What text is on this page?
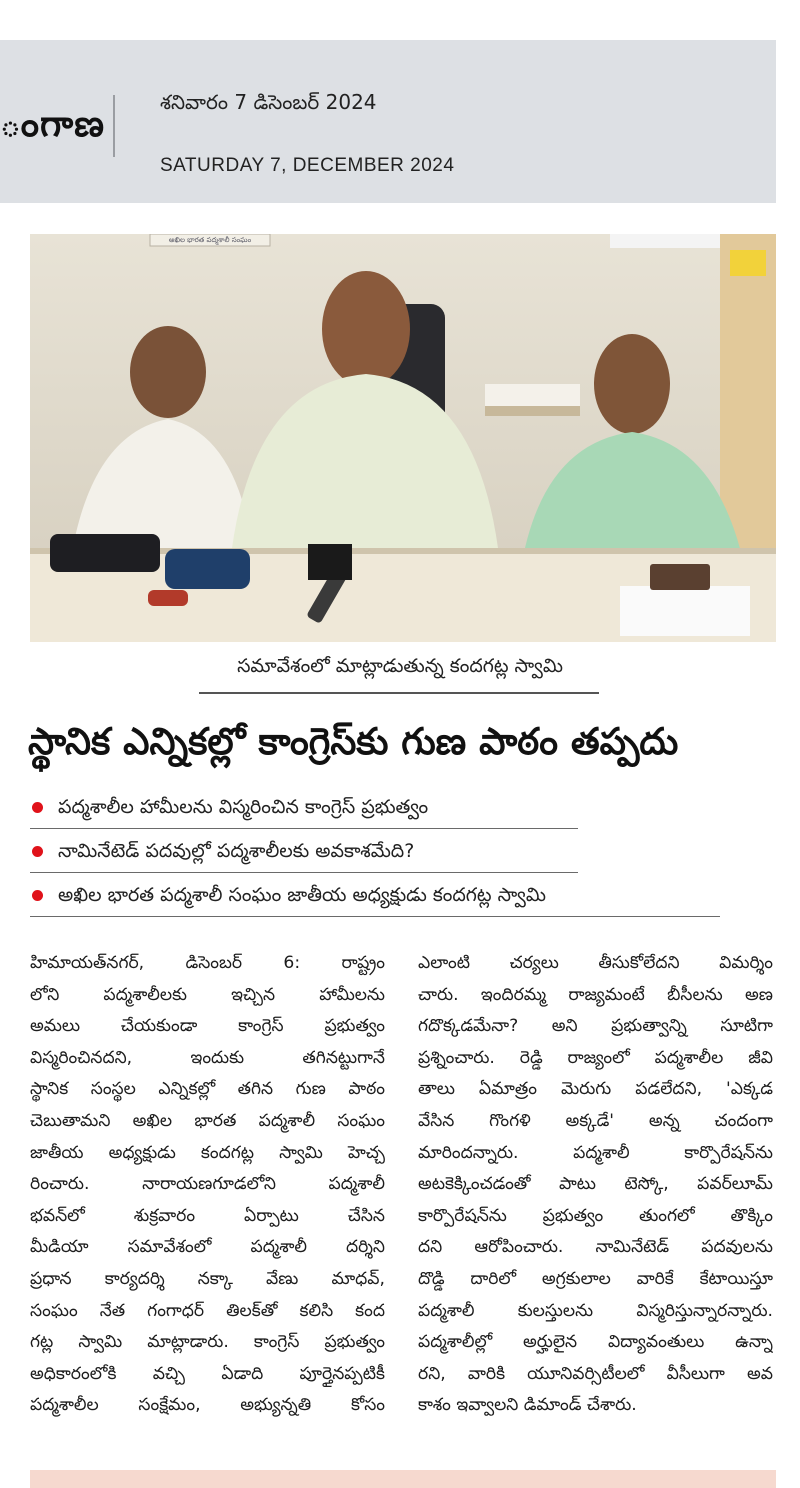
ంగాణ
శనివారం 7 డిసెంబర్ 2024
SATURDAY 7, DECEMBER 2024
అఖిల భారత పద్మశాలీ సంఘం
సమావేశంలో మాట్లాడుతున్న కందగట్ల స్వామి
స్థానిక ఎన్నికల్లో కాంగ్రెస్‌కు గుణ పాఠం తప్పదు
పద్మశాలీల హామీలను విస్మరించిన కాంగ్రెస్ ప్రభుత్వం
నామినేటెడ్ పదవుల్లో పద్మశాలీలకు అవకాశమేది?
అఖిల భారత పద్మశాలీ సంఘం జాతీయ అధ్యక్షుడు కందగట్ల స్వామి
హిమాయత్‌నగర్, డిసెంబర్ 6: రాష్ట్రం
లోని పద్మశాలీలకు ఇచ్చిన హామీలను
అమలు చేయకుండా కాంగ్రెస్ ప్రభుత్వం
విస్మరించినదని, ఇందుకు తగినట్టుగానే
స్థానిక సంస్థల ఎన్నికల్లో తగిన గుణ పాఠం
చెబుతామని అఖిల భారత పద్మశాలీ సంఘం
జాతీయ అధ్యక్షుడు కందగట్ల స్వామి హెచ్చ
రించారు. నారాయణగూడలోని పద్మశాలీ
భవన్‌లో శుక్రవారం ఏర్పాటు చేసిన
మీడియా సమావేశంలో పద్మశాలీ దర్శిని
ప్రధాన కార్యదర్శి నక్కా వేణు మాధవ్,
సంఘం నేత గంగాధర్ తిలక్‌తో కలిసి కంద
గట్ల స్వామి మాట్లాడారు. కాంగ్రెస్ ప్రభుత్వం
అధికారంలోకి వచ్చి ఏడాది పూర్తైనప్పటికీ
పద్మశాలీల సంక్షేమం, అభ్యున్నతి కోసం
ఎలాంటి చర్యలు తీసుకోలేదని విమర్శిం
చారు. ఇందిరమ్మ రాజ్యమంటే బీసీలను అణ
గదొక్కడమేనా? అని ప్రభుత్వాన్ని సూటిగా
ప్రశ్నించారు. రెడ్డి రాజ్యంలో పద్మశాలీల జీవి
తాలు ఏమాత్రం మెరుగు పడలేదని, 'ఎక్కడ
వేసిన గొంగళి అక్కడే' అన్న చందంగా
మారిందన్నారు. పద్మశాలీ కార్పొరేషన్‌ను
అటకెక్కించడంతో పాటు టెస్కో, పవర్‌లూమ్
కార్పొరేషన్‌ను ప్రభుత్వం తుంగలో తొక్కిం
దని ఆరోపించారు. నామినేటెడ్ పదవులను
దొడ్డి దారిలో అగ్రకులాల వారికే కేటాయిస్తూ
పద్మశాలీ కులస్తులను విస్మరిస్తున్నారన్నారు.
పద్మశాలీల్లో అర్హులైన విద్యావంతులు ఉన్నా
రని, వారికి యూనివర్సిటీలలో వీసీలుగా అవ
కాశం ఇవ్వాలని డిమాండ్ చేశారు.
